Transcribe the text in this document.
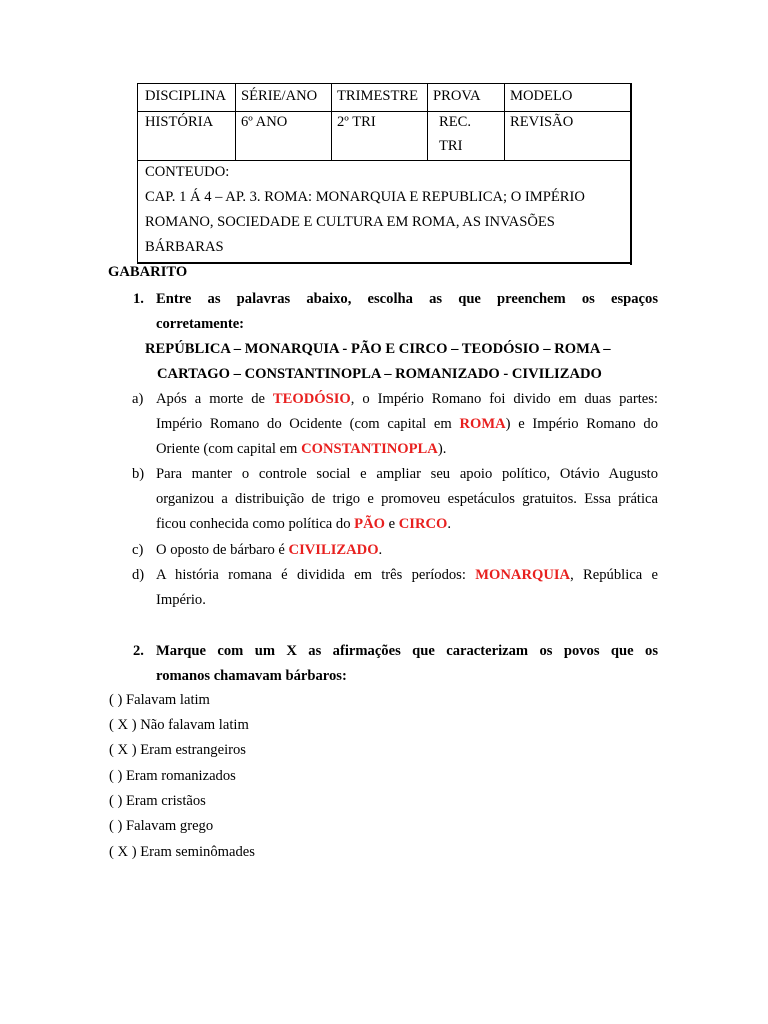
DISCIPLINA SÉRIE/ANO TRIMESTRE PROVA MODELO
HISTÓRIA 6º ANO	2º TRI	REC.
TRI
REVISÃO
CONTEUDO:
CAP. 1 Á 4 – AP. 3. ROMA: MONARQUIA E REPUBLICA; O IMPÉRIO
ROMANO, SOCIEDADE E CULTURA EM ROMA, AS INVASÕES
BÁRBARAS
GABARITO
1. Entre as palavras abaixo, escolha as que preenchem os espaços
corretamente:
REPÚBLICA – MONARQUIA - PÃO E CIRCO – TEODÓSIO – ROMA –
CARTAGO – CONSTANTINOPLA – ROMANIZADO - CIVILIZADO
a) Após a morte de TEODÓSIO, o Império Romano foi divido em duas partes:
Império Romano do Ocidente (com capital em ROMA) e Império Romano do
Oriente (com capital em CONSTANTINOPLA).
b) Para manter o controle social e ampliar seu apoio político, Otávio Augusto
organizou a distribuição de trigo e promoveu espetáculos gratuitos. Essa prática
ficou conhecida como política do PÃO e CIRCO.
c) O oposto de bárbaro é CIVILIZADO.
d) A história romana é dividida em três períodos: MONARQUIA, República e
Império.
2. Marque com um X as afirmações que caracterizam os povos que os
romanos chamavam bárbaros:
( ) Falavam latim
( X ) Não falavam latim
( X ) Eram estrangeiros
( ) Eram romanizados
( ) Eram cristãos
( ) Falavam grego
( X ) Eram seminômades
